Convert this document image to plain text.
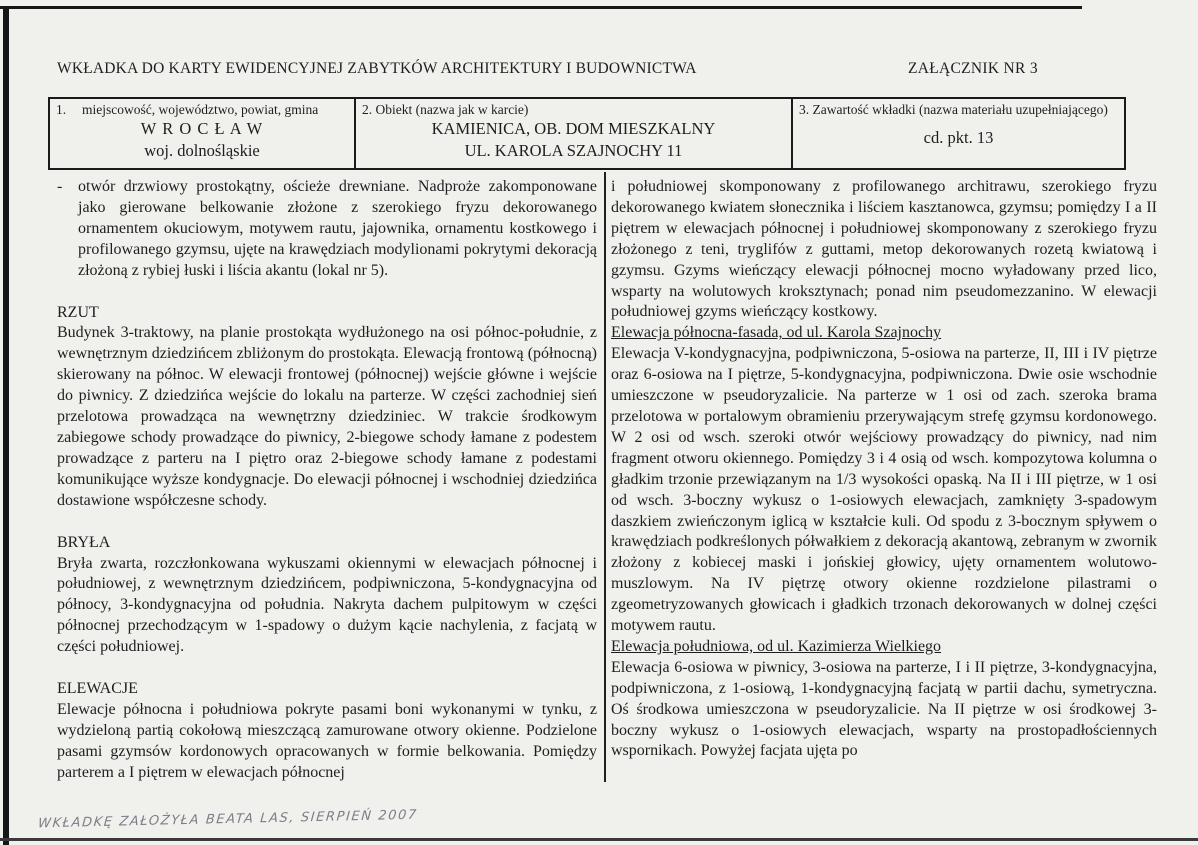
WKŁADKA DO KARTY EWIDENCYJNEJ ZABYTKÓW ARCHITEKTURY I BUDOWNICTWA	ZAŁĄCZNIK NR 3
1. miejscowość, województwo, powiat, gmina
W R O C Ł A W
woj. dolnośląskie
2. Obiekt (nazwa jak w karcie)
KAMIENICA, OB. DOM MIESZKALNY
UL. KAROLA SZAJNOCHY 11
3. Zawartość wkładki (nazwa materiału uzupełniającego)
cd. pkt. 13
- otwór drzwiowy prostokątny, ościeże drewniane. Nadproże zakomponowane jako gierowane belkowanie złożone z szerokiego fryzu dekorowanego ornamentem okuciowym, motywem rautu, jajownika, ornamentu kostkowego i profilowanego gzymsu, ujęte na krawędziach modylionami pokrytymi dekoracją złożoną z rybiej łuski i liścia akantu (lokal nr 5).

RZUT

Budynek 3-traktowy, na planie prostokąta wydłużonego na osi północ-południe, z wewnętrznym dziedzińcem zbliżonym do prostokąta. Elewacją frontową (północną) skierowany na północ. W elewacji frontowej (północnej) wejście główne i wejście do piwnicy. Z dziedzińca wejście do lokalu na parterze. W części zachodniej sień przelotowa prowadząca na wewnętrzny dziedziniec. W trakcie środkowym zabiegowe schody prowadzące do piwnicy, 2-biegowe schody łamane z podestem prowadzące z parteru na I piętro oraz 2-biegowe schody łamane z podestami komunikujące wyższe kondygnacje. Do elewacji północnej i wschodniej dziedzińca dostawione współczesne schody.

BRYŁA

Bryła zwarta, rozczłonkowana wykuszami okiennymi w elewacjach północnej i południowej, z wewnętrznym dziedzińcem, podpiwniczona, 5-kondygnacyjna od północy, 3-kondygnacyjna od południa. Nakryta dachem pulpitowym w części północnej przechodzącym w 1-spadowy o dużym kącie nachylenia, z facjatą w części południowej.

ELEWACJE

Elewacje północna i południowa pokryte pasami boni wykonanymi w tynku, z wydzieloną partią cokołową mieszczącą zamurowane otwory okienne. Podzielone pasami gzymsów kordonowych opracowanych w formie belkowania. Pomiędzy parterem a I piętrem w elewacjach północnej

i południowej skomponowany z profilowanego architrawu, szerokiego fryzu dekorowanego kwiatem słonecznika i liściem kasztanowca, gzymsu; pomiędzy I a II piętrem w elewacjach północnej i południowej skomponowany z szerokiego fryzu złożonego z teni, tryglifów z guttami, metop dekorowanych rozetą kwiatową i gzymsu. Gzyms wieńczący elewacji północnej mocno wyładowany przed lico, wsparty na wolutowych kroksztynach; ponad nim pseudomezzanino. W elewacji południowej gzyms wieńczący kostkowy.

Elewacja północna-fasada, od ul. Karola Szajnochy

Elewacja V-kondygnacyjna, podpiwniczona, 5-osiowa na parterze, II, III i IV piętrze oraz 6-osiowa na I piętrze, 5-kondygnacyjna, podpiwniczona. Dwie osie wschodnie umieszczone w pseudoryzalicie. Na parterze w 1 osi od zach. szeroka brama przelotowa w portalowym obramieniu przerywającym strefę gzymsu kordonowego. W 2 osi od wsch. szeroki otwór wejściowy prowadzący do piwnicy, nad nim fragment otworu okiennego. Pomiędzy 3 i 4 osią od wsch. kompozytowa kolumna o gładkim trzonie przewiązanym na 1/3 wysokości opaską. Na II i III piętrze, w 1 osi od wsch. 3-boczny wykusz o 1-osiowych elewacjach, zamknięty 3-spadowym daszkiem zwieńczonym iglicą w kształcie kuli. Od spodu z 3-bocznym spływem o krawędziach podkreślonych półwałkiem z dekoracją akantową, zebranym w zwornik złożony z kobiecej maski i jońskiej głowicy, ujęty ornamentem wolutowo-muszlowym. Na IV piętrzę otwory okienne rozdzielone pilastrami o zgeometryzowanych głowicach i gładkich trzonach dekorowanych w dolnej części motywem rautu.

Elewacja południowa, od ul. Kazimierza Wielkiego

Elewacja 6-osiowa w piwnicy, 3-osiowa na parterze, I i II piętrze, 3-kondygnacyjna, podpiwniczona, z 1-osiową, 1-kondygnacyjną facjatą w partii dachu, symetryczna. Oś środkowa umieszczona w pseudoryzalicie. Na II piętrze w osi środkowej 3-boczny wykusz o 1-osiowych elewacjach, wsparty na prostopadłościennych wspornikach. Powyżej facjata ujęta po

WKŁADKĘ ZAŁOŻYŁA BEATA LAS, SIERPIEŃ 2007
